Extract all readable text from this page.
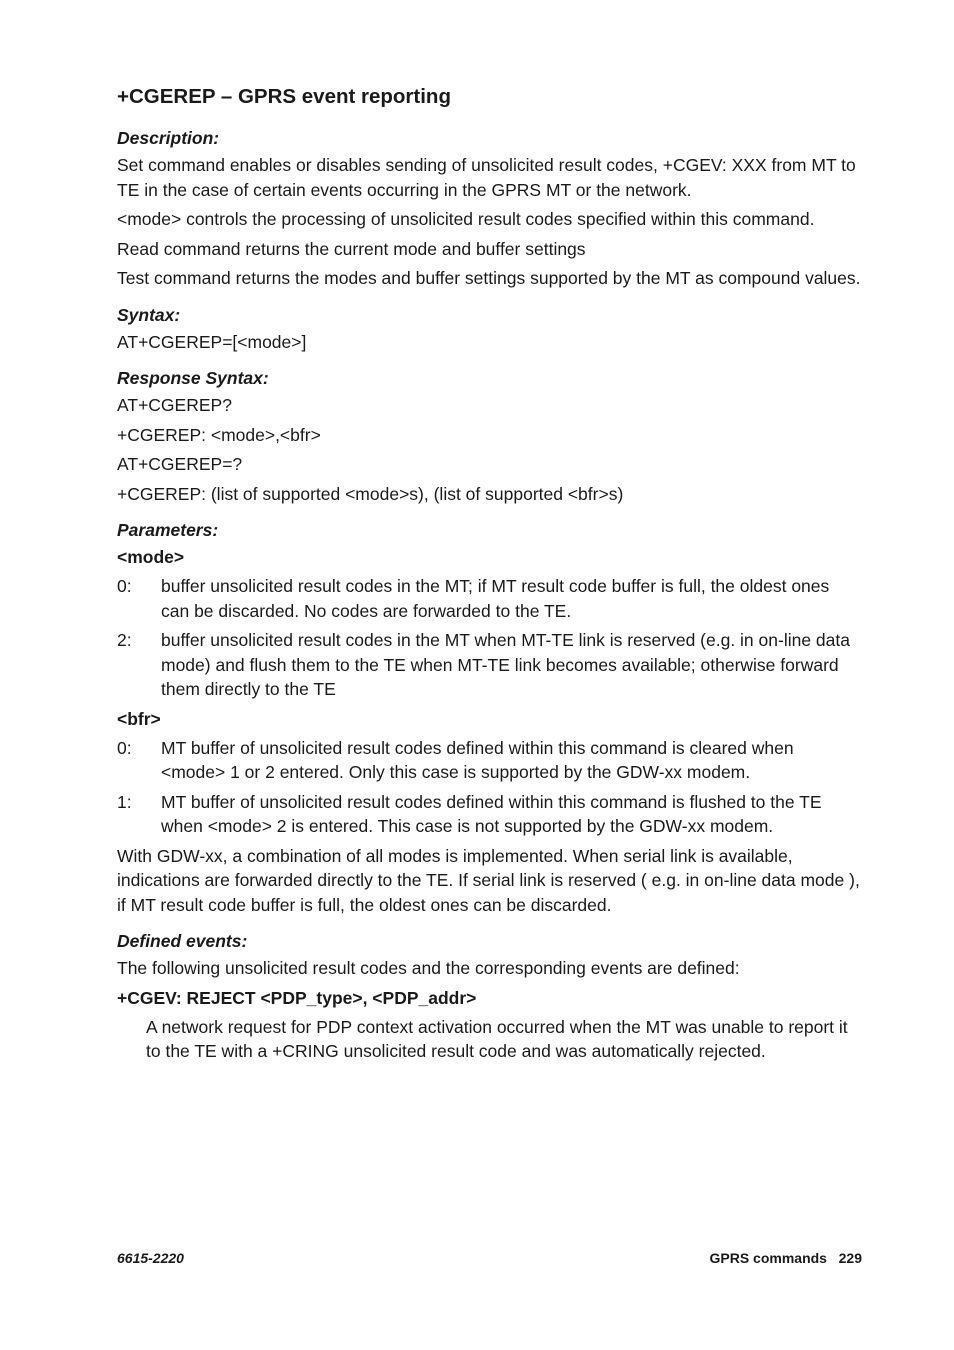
+CGEREP – GPRS event reporting
Description:
Set command enables or disables sending of unsolicited result codes, +CGEV: XXX from MT to TE in the case of certain events occurring in the GPRS MT or the network.
<mode> controls the processing of unsolicited result codes specified within this command.
Read command returns the current mode and buffer settings
Test command returns the modes and buffer settings supported by the MT as compound values.
Syntax:
AT+CGEREP=[<mode>]
Response Syntax:
AT+CGEREP?
+CGEREP: <mode>,<bfr>
AT+CGEREP=?
+CGEREP: (list of supported <mode>s), (list of supported <bfr>s)
Parameters:
<mode>
0:	buffer unsolicited result codes in the MT; if MT result code buffer is full, the oldest ones can be discarded. No codes are forwarded to the TE.
2:	buffer unsolicited result codes in the MT when MT-TE link is reserved (e.g. in on-line data mode) and flush them to the TE when MT-TE link becomes available; otherwise forward them directly to the TE
<bfr>
0:	MT buffer of unsolicited result codes defined within this command is cleared when <mode> 1 or 2 entered. Only this case is supported by the GDW-xx modem.
1:	MT buffer of unsolicited result codes defined within this command is flushed to the TE when <mode> 2 is entered. This case is not supported by the GDW-xx modem.
With GDW-xx, a combination of all modes is implemented. When serial link is available, indications are forwarded directly to the TE. If serial link is reserved ( e.g. in on-line data mode ), if MT result code buffer is full, the oldest ones can be discarded.
Defined events:
The following unsolicited result codes and the corresponding events are defined:
+CGEV: REJECT <PDP_type>, <PDP_addr>
A network request for PDP context activation occurred when the MT was unable to report it to the TE with a +CRING unsolicited result code and was automatically rejected.
6615-2220	GPRS commands 229
